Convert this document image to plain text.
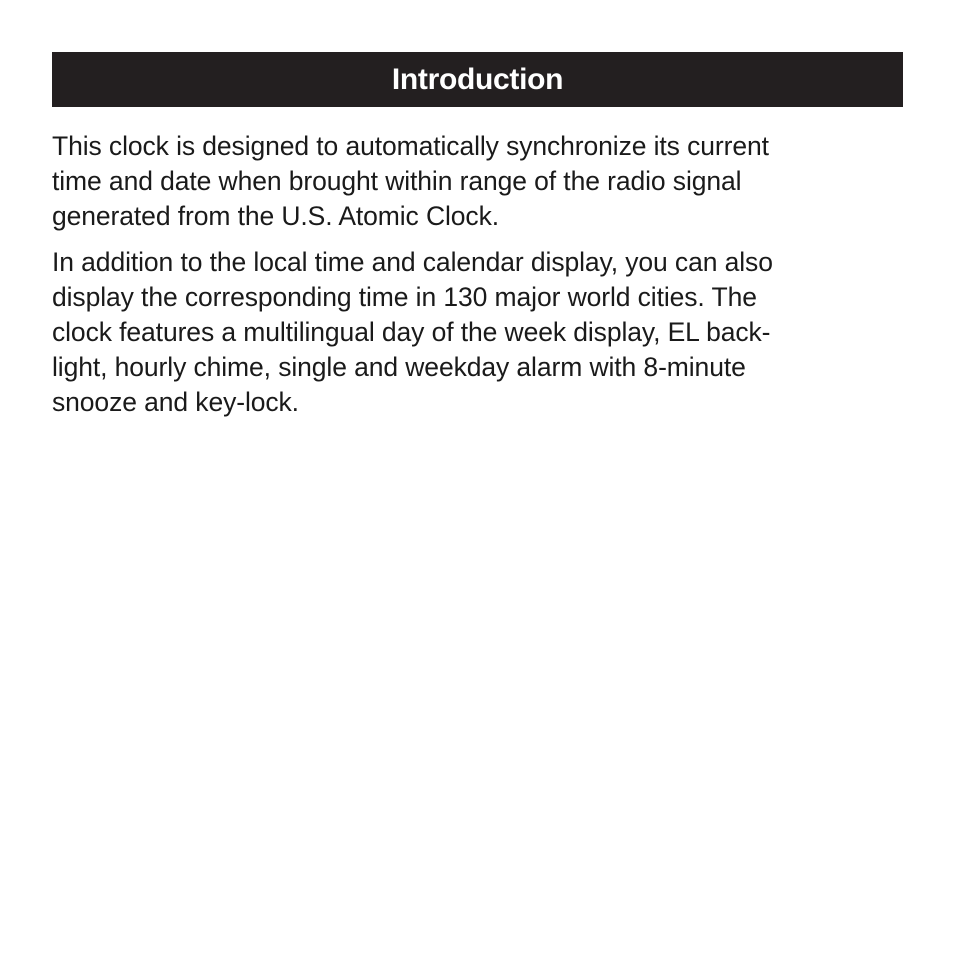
Introduction

This clock is designed to automatically synchronize its current
time and date when brought within range of the radio signal
generated from the U.S. Atomic Clock.

In addition to the local time and calendar display, you can also
display the corresponding time in 130 major world cities. The
clock features a multilingual day of the week display, EL back-
light, hourly chime, single and weekday alarm with 8-minute
snooze and key-lock.
